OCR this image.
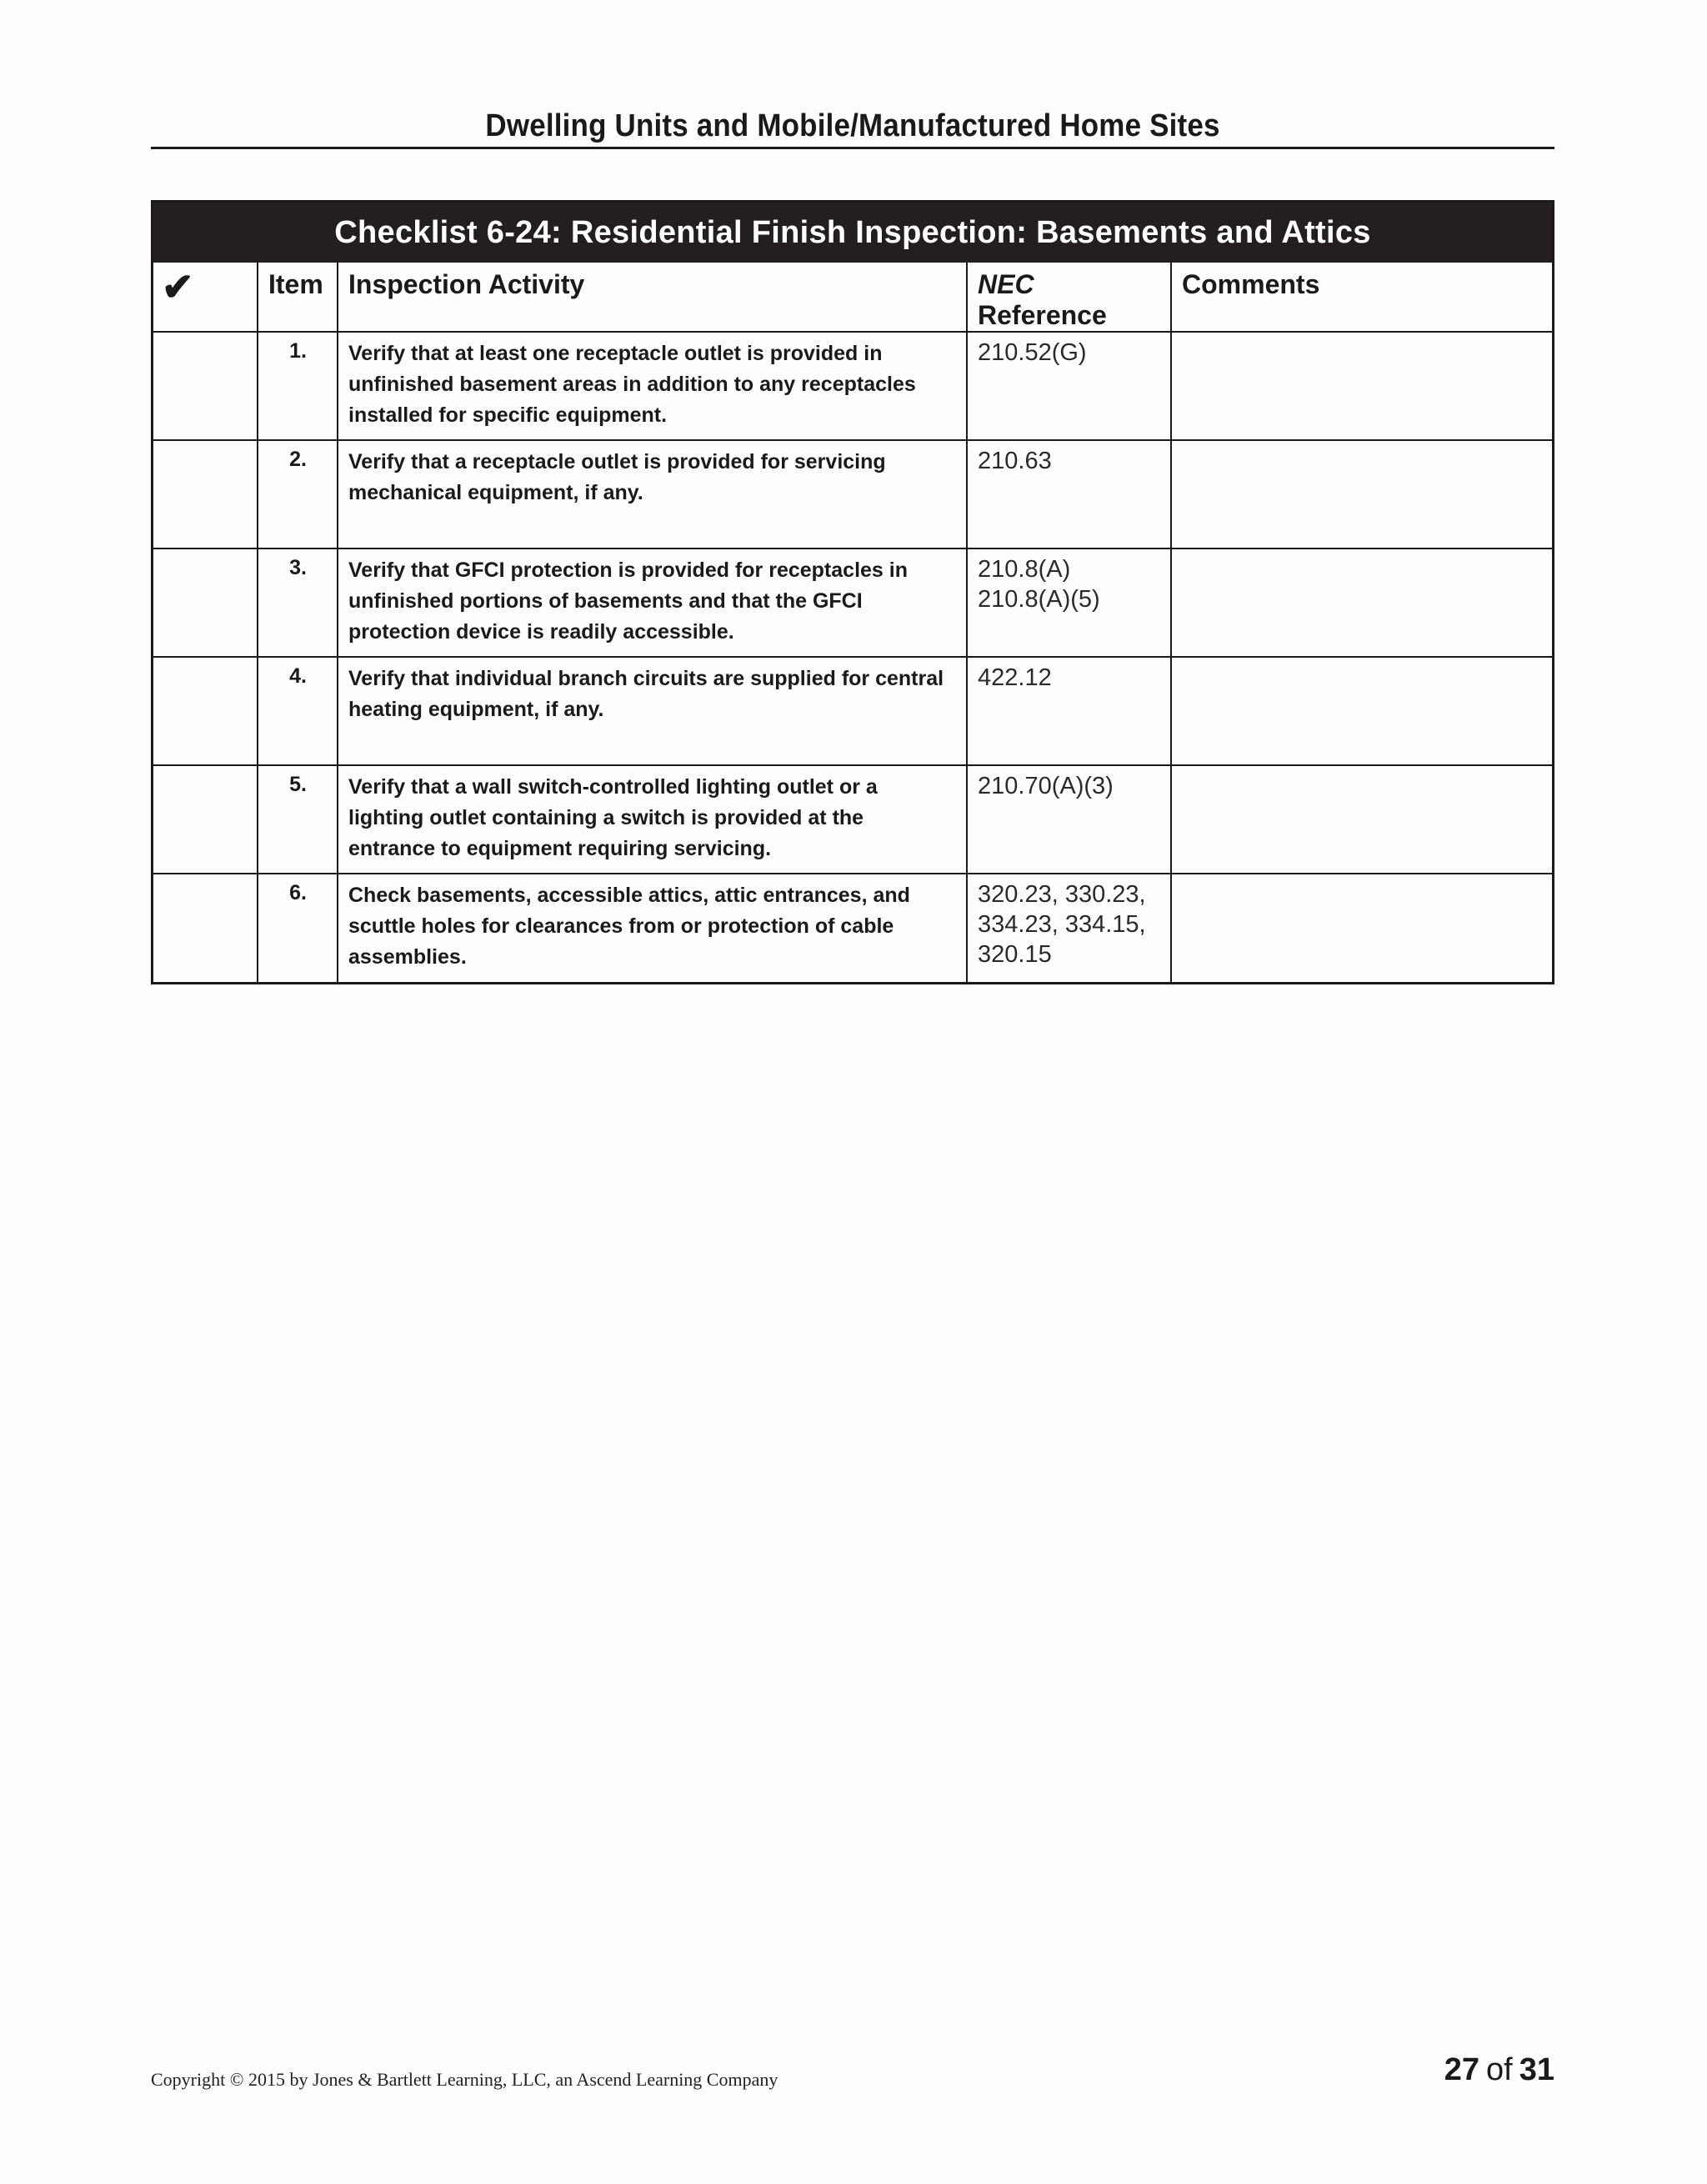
Dwelling Units and Mobile/Manufactured Home Sites
Checklist 6-24: Residential Finish Inspection: Basements and Attics
✔	Item	Inspection Activity	NEC Reference	Comments
	1.	Verify that at least one receptacle outlet is provided in unfinished basement areas in addition to any receptacles installed for specific equipment.	210.52(G)	
	2.	Verify that a receptacle outlet is provided for servicing mechanical equipment, if any.	210.63	
	3.	Verify that GFCI protection is provided for receptacles in unfinished portions of basements and that the GFCI protection device is readily accessible.	210.8(A)
210.8(A)(5)	
	4.	Verify that individual branch circuits are supplied for central heating equipment, if any.	422.12	
	5.	Verify that a wall switch-controlled lighting outlet or a lighting outlet containing a switch is provided at the entrance to equipment requiring servicing.	210.70(A)(3)	
	6.	Check basements, accessible attics, attic entrances, and scuttle holes for clearances from or protection of cable assemblies.	320.23, 330.23,
334.23, 334.15,
320.15	
Copyright © 2015 by Jones & Bartlett Learning, LLC, an Ascend Learning Company	27 of 31
